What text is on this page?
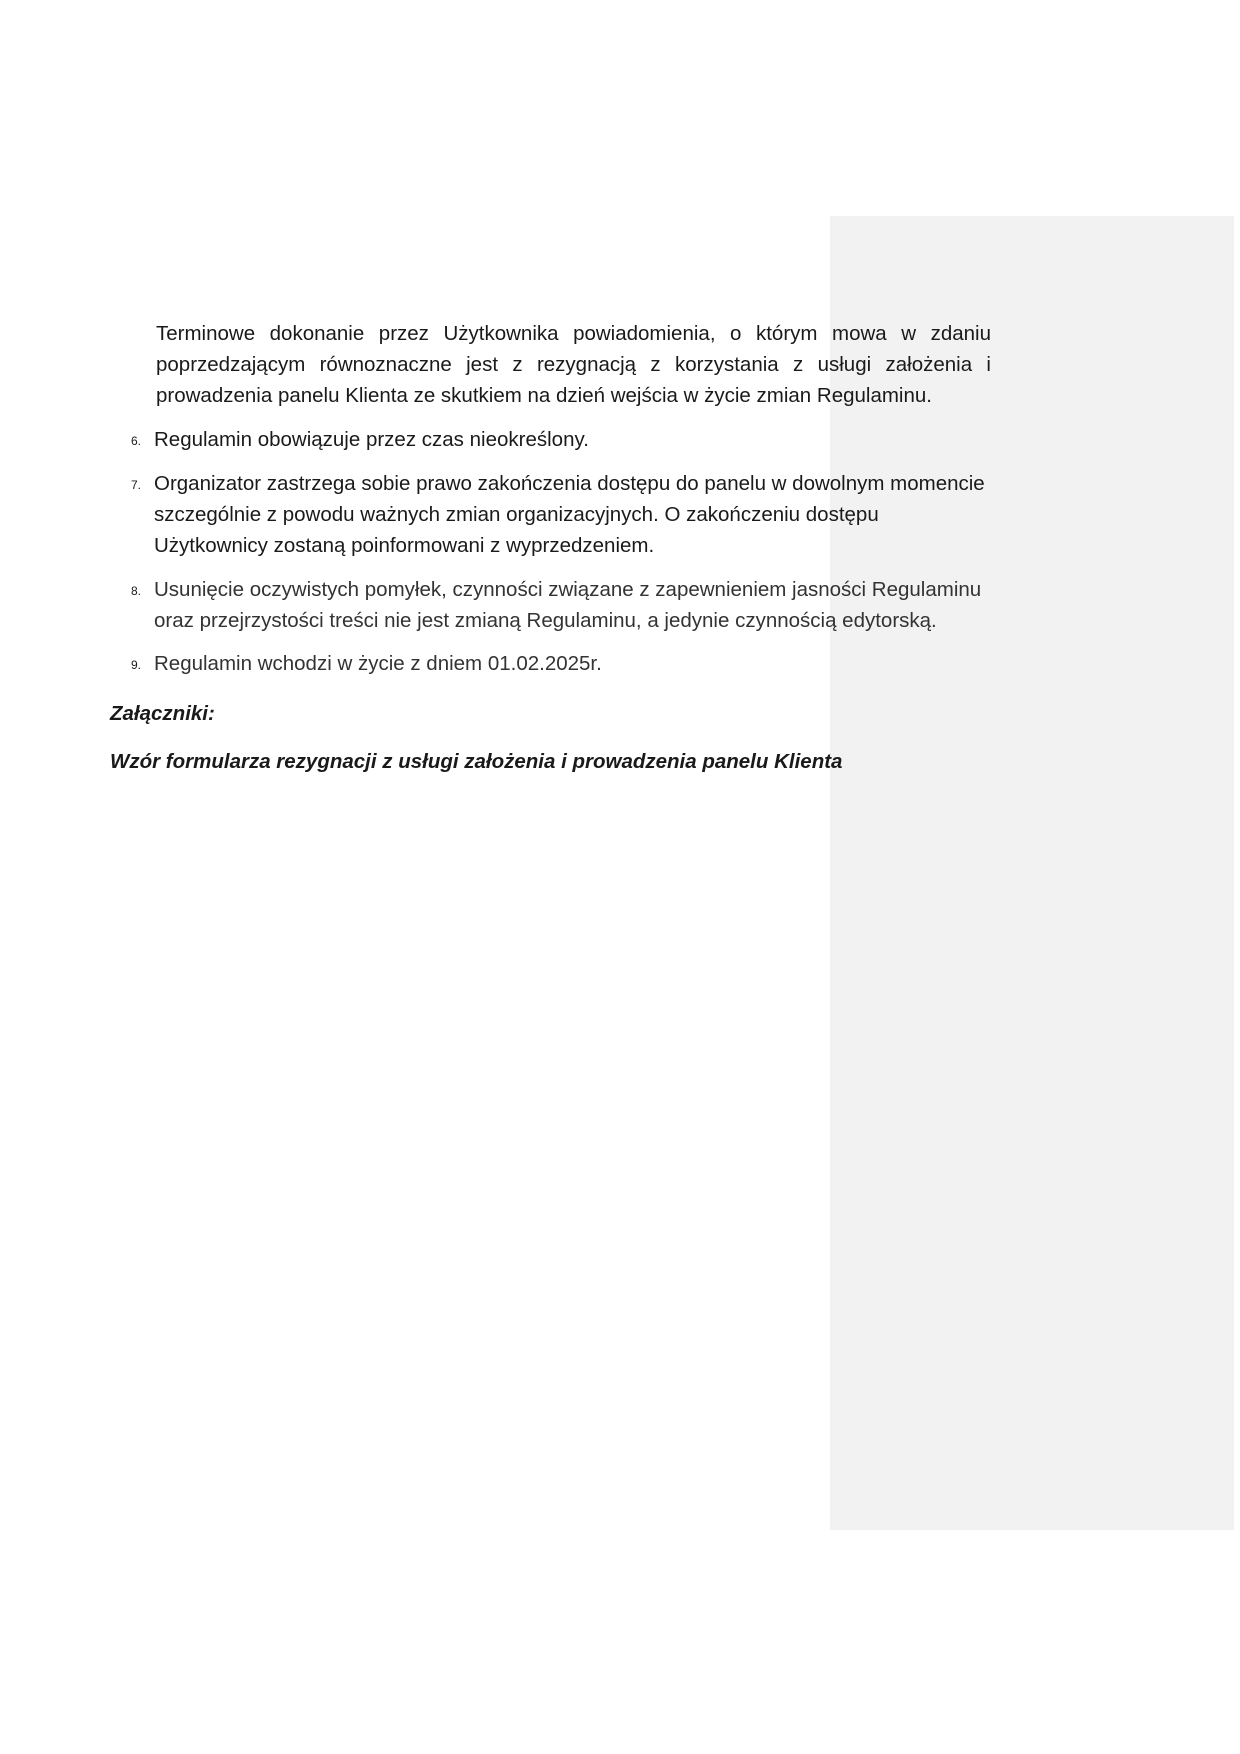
Terminowe dokonanie przez Użytkownika powiadomienia, o którym mowa w zdaniu

poprzedzającym równoznaczne jest z rezygnacją z korzystania z usługi założenia i

prowadzenia panelu Klienta ze skutkiem na dzień wejścia w życie zmian Regulaminu.

6. Regulamin obowiązuje przez czas nieokreślony.

7. Organizator zastrzega sobie prawo zakończenia dostępu do panelu w dowolnym momencie

szczególnie z powodu ważnych zmian organizacyjnych. O zakończeniu dostępu

Użytkownicy zostaną poinformowani z wyprzedzeniem.

8. Usunięcie oczywistych pomyłek, czynności związane z zapewnieniem jasności Regulaminu

oraz przejrzystości treści nie jest zmianą Regulaminu, a jedynie czynnością edytorską.

9. Regulamin wchodzi w życie z dniem 01.02.2025r.

Załączniki:

Wzór formularza rezygnacji z usługi założenia i prowadzenia panelu Klienta
